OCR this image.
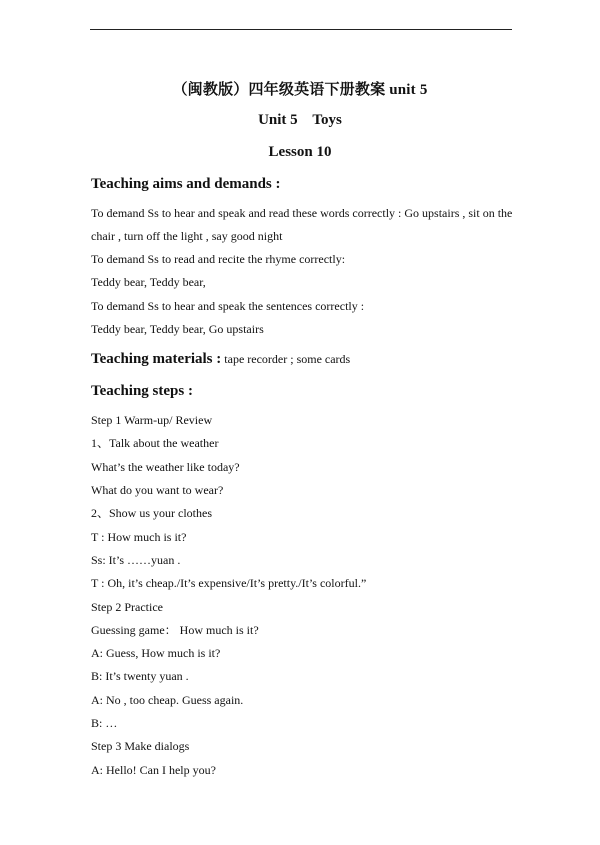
（闽教版）四年级英语下册教案 unit 5
Unit 5    Toys
Lesson 10

Teaching aims and demands :

To demand Ss to hear and speak and read these words correctly : Go upstairs , sit on the chair , turn off the light , say good night

To demand Ss to read and recite the rhyme correctly:

Teddy bear, Teddy bear,

To demand Ss to hear and speak the sentences correctly :

Teddy bear, Teddy bear, Go upstairs

Teaching materials : tape recorder ; some cards

Teaching steps :

Step 1 Warm-up/ Review

1、Talk about the weather

What’s the weather like today?

What do you want to wear?

2、Show us your clothes

T : How much is it?

Ss: It’s ……yuan .

T : Oh, it’s cheap./It’s expensive/It’s pretty./It’s colorful.”

Step 2 Practice

Guessing game： How much is it?

A: Guess, How much is it?

B: It’s twenty yuan .

A: No , too cheap. Guess again.

B: …

Step 3 Make dialogs

A: Hello! Can I help you?
